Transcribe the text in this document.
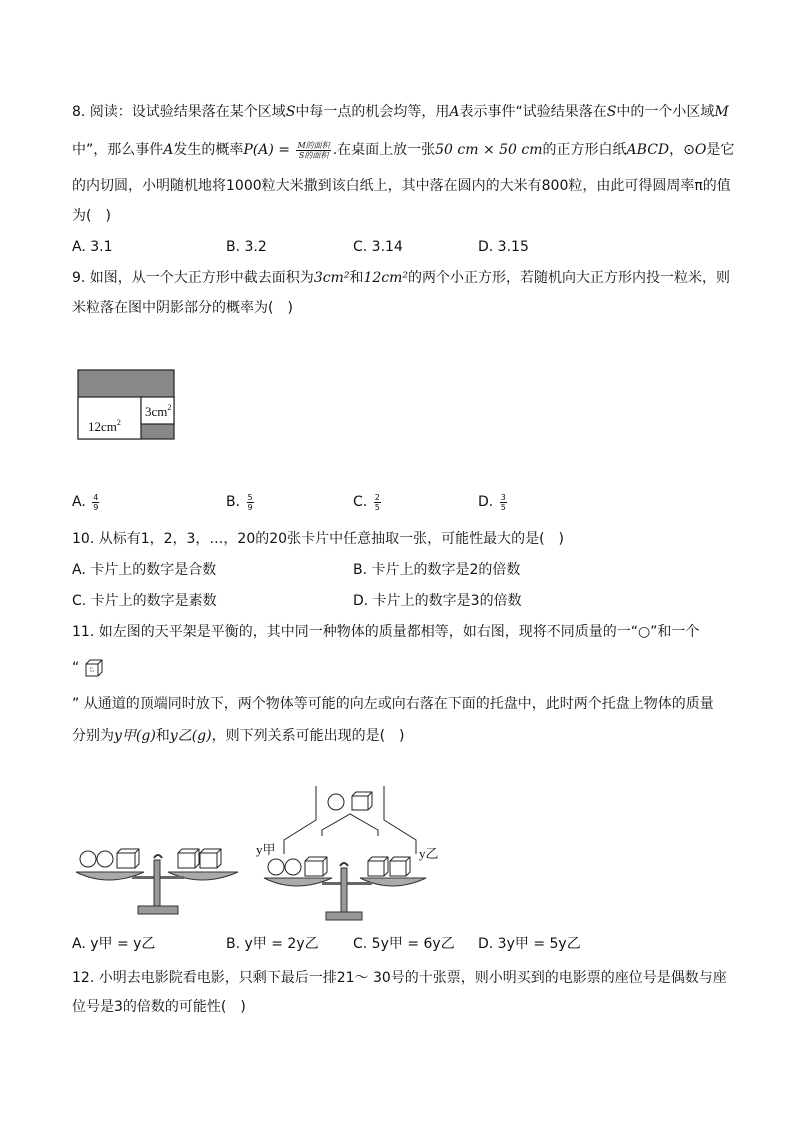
8. 阅读：设试验结果落在某个区域S中每一点的机会均等，用A表示事件“试验结果落在S中的一个小区域M
中”，那么事件A发生的概率$P(A) = \frac{\text{M的面积}}{\text{S的面积}}$ .在桌面上放一张50 cm × 50 cm的正方形白纸ABCD，⊙O是它
的内切圆，小明随机地将1000粒大米撒到该白纸上，其中落在圆内的大米有800粒，由此可得圆周率π的值
为(　)
A. 3.1	B. 3.2	C. 3.14	D. 3.15
9. 如图，从一个大正方形中截去面积为3cm²和12cm²的两个小正方形，若随机向大正方形内投一粒米，则
米粒落在图中阴影部分的概率为(　)
$3cm^2$
$12cm^2$
A. $\frac{4}{9}$	B. $\frac{5}{9}$	C. $\frac{2}{5}$	D. $\frac{3}{5}$
10. 从标有1，2，3，…，20的20张卡片中任意抽取一张，可能性最大的是(　)
A. 卡片上的数字是合数	B. 卡片上的数字是2的倍数
C. 卡片上的数字是素数	D. 卡片上的数字是3的倍数
11. 如左图的天平架是平衡的，其中同一种物体的质量都相等，如右图，现将不同质量的一“○”和一个
“
” 从通道的顶端同时放下，两个物体等可能的向左或向右落在下面的托盘中，此时两个托盘上物体的质量
分别为y甲(g)和y乙(g)，则下列关系可能出现的是(　)
y甲	y乙
A. y甲 = y乙	B. y甲 = 2y乙 C. 5y甲 = 6y乙 D. 3y甲 = 5y乙
12. 小明去电影院看电影，只剩下最后一排21～ 30号的十张票，则小明买到的电影票的座位号是偶数与座
位号是3的倍数的可能性(　)
